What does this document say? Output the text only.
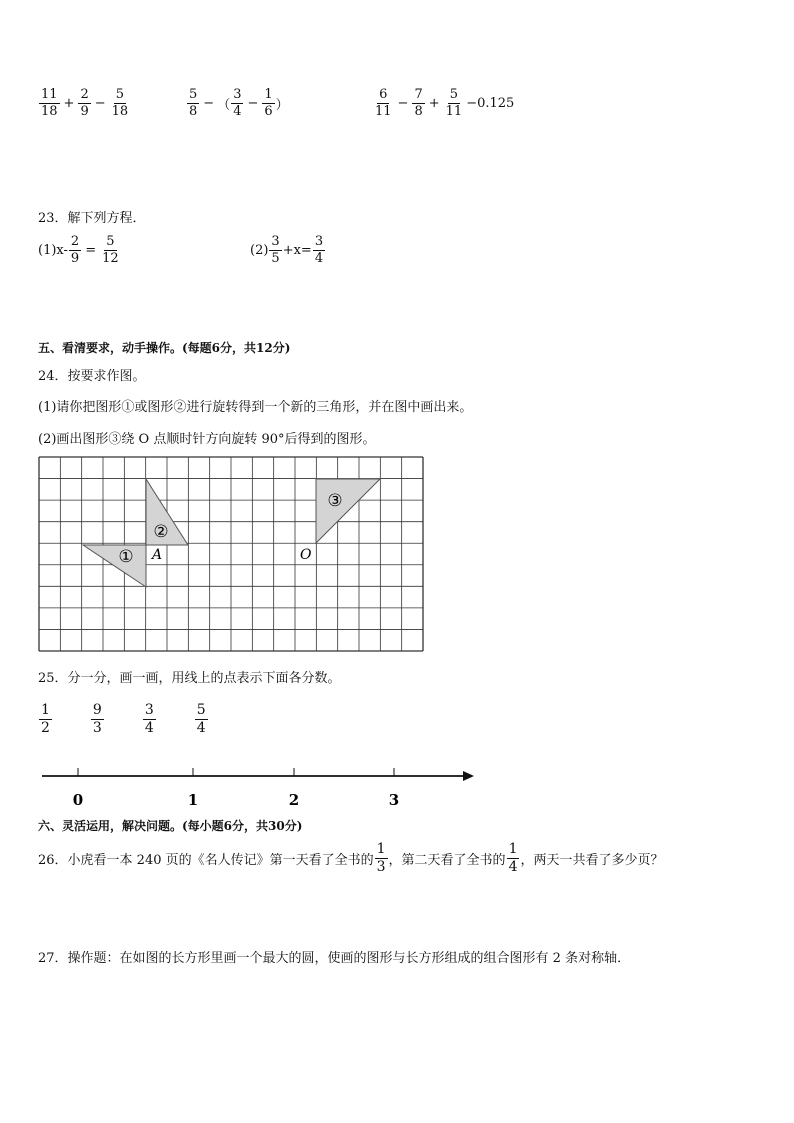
$\frac{11}{18} + \frac{2}{9} - \frac{5}{18}$	$\frac{5}{8}$ − （ $\frac{3}{4} - \frac{1}{6}$ ）	$\frac{6}{11} - \frac{7}{8} + \frac{5}{11} -0.125$
23．解下列方程．
$(1)x- \frac{2}{9} = \frac{5}{12}$	$(2) \frac{3}{5} +x= \frac{3}{4}$
五、看清要求，动手操作。(每题6分，共12分)
24．按要求作图。
(1)请你把图形①或图形②进行旋转得到一个新的三角形，并在图中画出来。
(2)画出图形③绕 O 点顺时针方向旋转 90°后得到的图形。
①
②
③
A	O
25．分一分，画一画，用线上的点表示下面各分数。
$\frac{1}{2}$	$\frac{9}{3}$	$\frac{3}{4}$	$\frac{5}{4}$
0	1	2	3
六、灵活运用，解决问题。(每小题6分，共30分)
26．小虎看一本 240 页的《名人传记》第一天看了全书的 $\frac{1}{3}$ ，第二天看了全书的 $\frac{1}{4}$ ，两天一共看了多少页？
27．操作题：在如图的长方形里画一个最大的圆，使画的图形与长方形组成的组合图形有 2 条对称轴．
